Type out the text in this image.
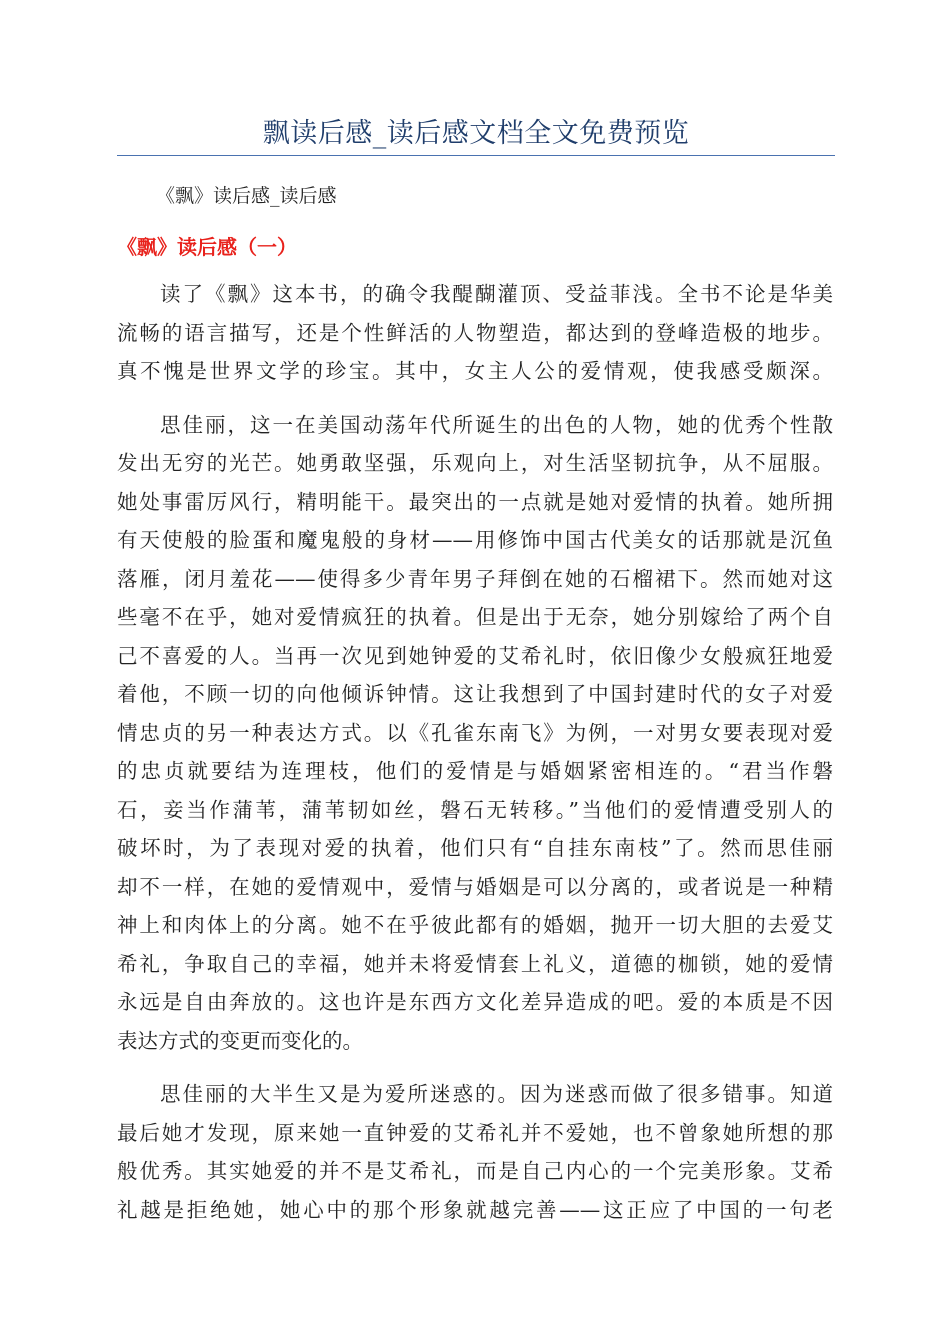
飘读后感_读后感文档全文免费预览
《飘》读后感_读后感
《飘》读后感（一）
读了《飘》这本书，的确令我醍醐灌顶、受益菲浅。全书不论是华美
流畅的语言描写，还是个性鲜活的人物塑造，都达到的登峰造极的地步。
真不愧是世界文学的珍宝。其中，女主人公的爱情观，使我感受颇深。
思佳丽，这一在美国动荡年代所诞生的出色的人物，她的优秀个性散
发出无穷的光芒。她勇敢坚强，乐观向上，对生活坚韧抗争，从不屈服。
她处事雷厉风行，精明能干。最突出的一点就是她对爱情的执着。她所拥
有天使般的脸蛋和魔鬼般的身材——用修饰中国古代美女的话那就是沉鱼
落雁，闭月羞花——使得多少青年男子拜倒在她的石榴裙下。然而她对这
些毫不在乎，她对爱情疯狂的执着。但是出于无奈，她分别嫁给了两个自
己不喜爱的人。当再一次见到她钟爱的艾希礼时，依旧像少女般疯狂地爱
着他，不顾一切的向他倾诉钟情。这让我想到了中国封建时代的女子对爱
情忠贞的另一种表达方式。以《孔雀东南飞》为例，一对男女要表现对爱
的忠贞就要结为连理枝，他们的爱情是与婚姻紧密相连的。“君当作磐
石，妾当作蒲苇，蒲苇韧如丝，磐石无转移。”当他们的爱情遭受别人的
破坏时，为了表现对爱的执着，他们只有“自挂东南枝”了。然而思佳丽
却不一样，在她的爱情观中，爱情与婚姻是可以分离的，或者说是一种精
神上和肉体上的分离。她不在乎彼此都有的婚姻，抛开一切大胆的去爱艾
希礼，争取自己的幸福，她并未将爱情套上礼义，道德的枷锁，她的爱情
永远是自由奔放的。这也许是东西方文化差异造成的吧。爱的本质是不因
表达方式的变更而变化的。
思佳丽的大半生又是为爱所迷惑的。因为迷惑而做了很多错事。知道
最后她才发现，原来她一直钟爱的艾希礼并不爱她，也不曾象她所想的那
般优秀。其实她爱的并不是艾希礼，而是自己内心的一个完美形象。艾希
礼越是拒绝她，她心中的那个形象就越完善——这正应了中国的一句老
